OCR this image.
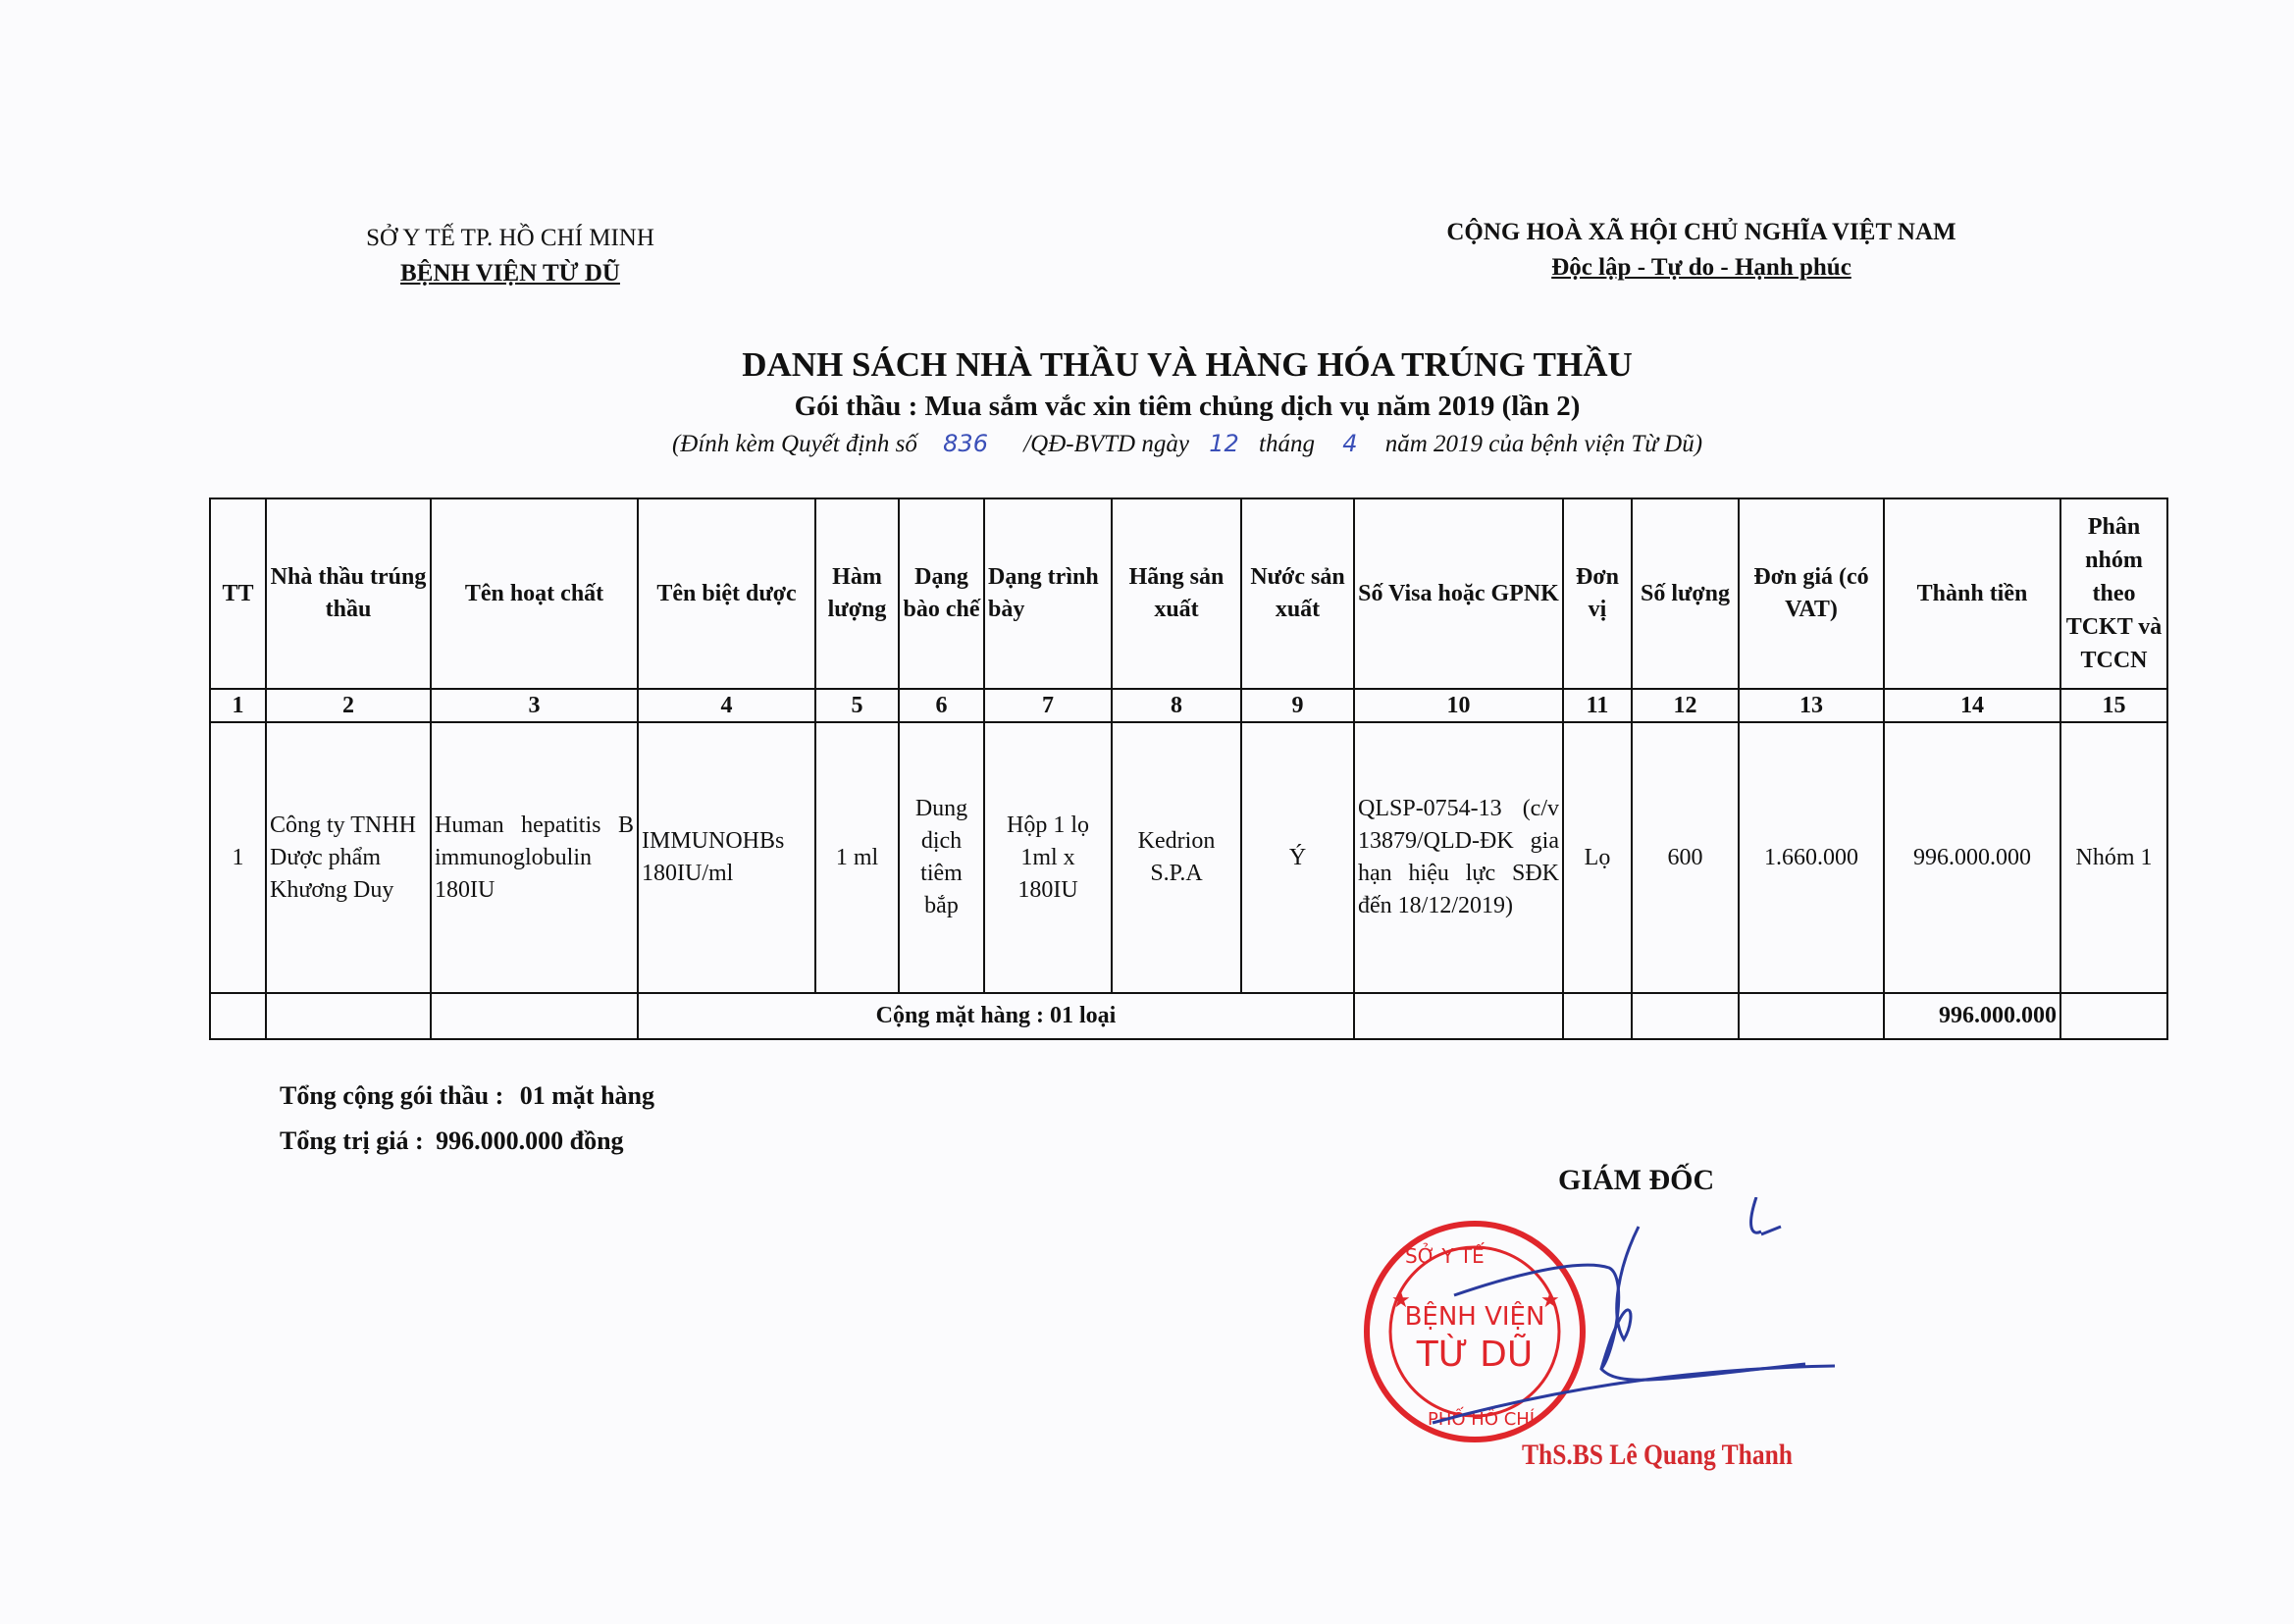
SỞ Y TẾ TP. HỒ CHÍ MINH
BỆNH VIỆN TỪ DŨ
CỘNG HOÀ XÃ HỘI CHỦ NGHĨA VIỆT NAM
Độc lập - Tự do - Hạnh phúc
DANH SÁCH NHÀ THẦU VÀ HÀNG HÓA TRÚNG THẦU
Gói thầu : Mua sắm vắc xin tiêm chủng dịch vụ năm 2019 (lần 2)
(Đính kèm Quyết định số 836 /QĐ-BVTD ngày 12 tháng 4 năm 2019 của bệnh viện Từ Dũ)
TT	Nhà thầu trúng thầu	Tên hoạt chất	Tên biệt dược	Hàm lượng	Dạng bào chế	Dạng trình bày	Hãng sản xuất	Nước sản xuất	Số Visa hoặc GPNK	Đơn vị	Số lượng	Đơn giá (có VAT)	Thành tiền	Phân nhóm theo TCKT và TCCN
1	2	3	4	5	6	7	8	9	10	11	12	13	14	15
1	Công ty TNHH Dược phẩm Khương Duy	Human hepatitis B immunoglobulin 180IU	IMMUNOHBs 180IU/ml	1 ml	Dung dịch tiêm bắp	Hộp 1 lọ 1ml x 180IU	Kedrion S.P.A	Ý	QLSP-0754-13 (c/v 13879/QLD-ĐK gia hạn hiệu lực SĐK đến 18/12/2019)	Lọ	600	1.660.000	996.000.000	Nhóm 1
			Cộng mặt hàng : 01 loại										996.000.000	
Tổng cộng gói thầu : 01 mặt hàng
Tổng trị giá : 996.000.000 đồng
GIÁM ĐỐC
BỆNH VIỆN
TỪ DŨ
SỞ Y TẾ
PHỐ HỒ CHÍ
★	★
ThS.BS Lê Quang Thanh
